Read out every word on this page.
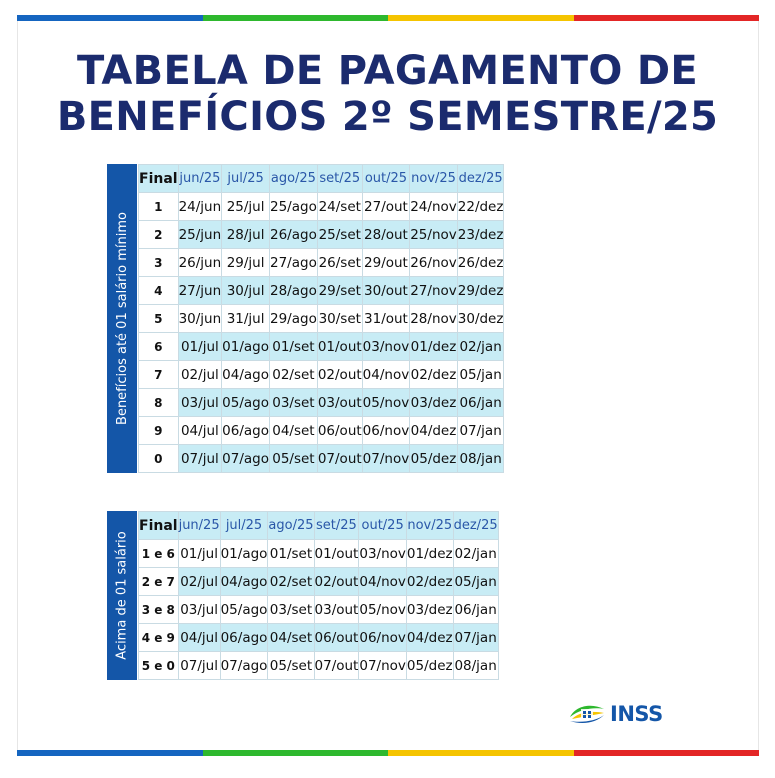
TABELA DE PAGAMENTO DE
BENEFÍCIOS 2º SEMESTRE/25
Benefícios até 01 salário mínimo
Final	jun/25	jul/25	ago/25	set/25	out/25	nov/25	dez/25
1	24/jun	25/jul	25/ago	24/set	27/out	24/nov	22/dez
2	25/jun	28/jul	26/ago	25/set	28/out	25/nov	23/dez
3	26/jun	29/jul	27/ago	26/set	29/out	26/nov	26/dez
4	27/jun	30/jul	28/ago	29/set	30/out	27/nov	29/dez
5	30/jun	31/jul	29/ago	30/set	31/out	28/nov	30/dez
6	01/jul	01/ago	01/set	01/out	03/nov	01/dez	02/jan
7	02/jul	04/ago	02/set	02/out	04/nov	02/dez	05/jan
8	03/jul	05/ago	03/set	03/out	05/nov	03/dez	06/jan
9	04/jul	06/ago	04/set	06/out	06/nov	04/dez	07/jan
0	07/jul	07/ago	05/set	07/out	07/nov	05/dez	08/jan
Acima de 01 salário
Final	jun/25	jul/25	ago/25	set/25	out/25	nov/25	dez/25
1 e 6	01/jul	01/ago	01/set	01/out	03/nov	01/dez	02/jan
2 e 7	02/jul	04/ago	02/set	02/out	04/nov	02/dez	05/jan
3 e 8	03/jul	05/ago	03/set	03/out	05/nov	03/dez	06/jan
4 e 9	04/jul	06/ago	04/set	06/out	06/nov	04/dez	07/jan
5 e 0	07/jul	07/ago	05/set	07/out	07/nov	05/dez	08/jan
INSS
